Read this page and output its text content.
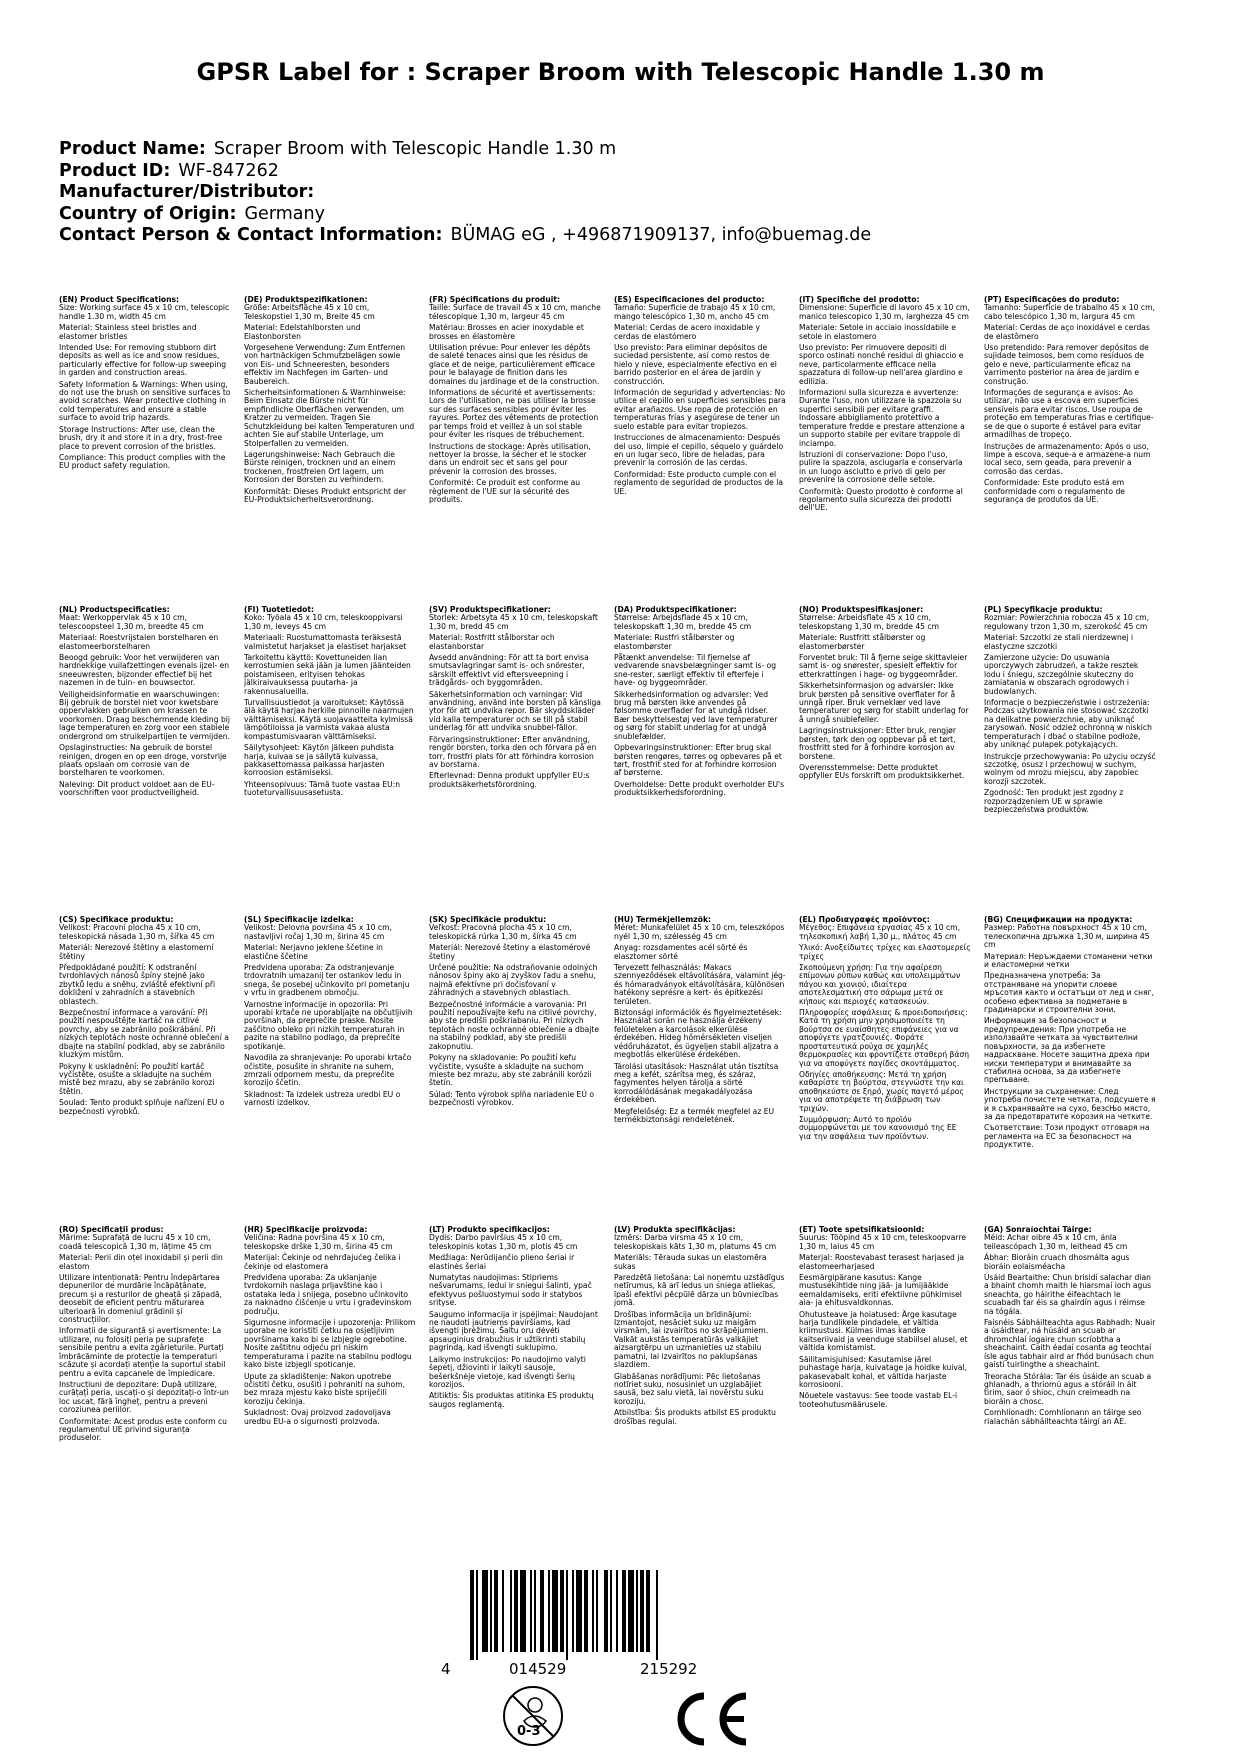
GPSR Label for : Scraper Broom with Telescopic Handle 1.30 m
Product Name: Scraper Broom with Telescopic Handle 1.30 m
Product ID: WF-847262
Manufacturer/Distributor:
Country of Origin: Germany
Contact Person & Contact Information: BÜMAG eG , +496871909137, info@buemag.de
(EN) Product Specifications:

Size: Working surface 45 x 10 cm, telescopic handle 1.30 m, width 45 cm

Material: Stainless steel bristles and elastomer bristles

Intended Use: For removing stubborn dirt deposits as well as ice and snow residues, particularly effective for follow-up sweeping in garden and construction areas.

Safety Information & Warnings: When using, do not use the brush on sensitive surfaces to avoid scratches. Wear protective clothing in cold temperatures and ensure a stable surface to avoid trip hazards.

Storage Instructions: After use, clean the brush, dry it and store it in a dry, frost-free place to prevent corrosion of the bristles.

Compliance: This product complies with the EU product safety regulation.

(DE) Produktspezifikationen:

Größe: Arbeitsfläche 45 x 10 cm, Teleskopstiel 1,30 m, Breite 45 cm

Material: Edelstahlborsten und Elastonborsten

Vorgesehene Verwendung: Zum Entfernen von hartnäckigen Schmutzbelägen sowie von Eis- und Schneeresten, besonders effektiv im Nachfegen im Garten- und Baubereich.

Sicherheitsinformationen & Warnhinweise: Beim Einsatz die Bürste nicht für empfindliche Oberflächen verwenden, um Kratzer zu vermeiden. Tragen Sie Schutzkleidung bei kalten Temperaturen und achten Sie auf stabile Unterlage, um Stolperfallen zu vermeiden.

Lagerungshinweise: Nach Gebrauch die Bürste reinigen, trocknen und an einem trockenen, frostfreien Ort lagern, um Korrosion der Borsten zu verhindern.

Konformität: Dieses Produkt entspricht der EU-Produktsicherheitsverordnung.

(FR) Spécifications du produit:

Taille: Surface de travail 45 x 10 cm, manche télescopique 1,30 m, largeur 45 cm

Matériau: Brosses en acier inoxydable et brosses en élastomère

Utilisation prévue: Pour enlever les dépôts de saleté tenaces ainsi que les résidus de glace et de neige, particulièrement efficace pour le balayage de finition dans les domaines du jardinage et de la construction.

Informations de sécurité et avertissements: Lors de l'utilisation, ne pas utiliser la brosse sur des surfaces sensibles pour éviter les rayures. Portez des vêtements de protection par temps froid et veillez à un sol stable pour éviter les risques de trébuchement.

Instructions de stockage: Après utilisation, nettoyer la brosse, la sécher et le stocker dans un endroit sec et sans gel pour prévenir la corrosion des brosses.

Conformité: Ce produit est conforme au règlement de l'UE sur la sécurité des produits.

(ES) Especificaciones del producto:

Tamaño: Superficie de trabajo 45 x 10 cm, mango telescópico 1,30 m, ancho 45 cm

Material: Cerdas de acero inoxidable y cerdas de elastómero

Uso previsto: Para eliminar depósitos de suciedad persistente, así como restos de hielo y nieve, especialmente efectivo en el barrido posterior en el área de jardín y construcción.

Información de seguridad y advertencias: No utilice el cepillo en superficies sensibles para evitar arañazos. Use ropa de protección en temperaturas frías y asegúrese de tener un suelo estable para evitar tropiezos.

Instrucciones de almacenamiento: Después del uso, limpie el cepillo, séquelo y guárdelo en un lugar seco, libre de heladas, para prevenir la corrosión de las cerdas.

Conformidad: Este producto cumple con el reglamento de seguridad de productos de la UE.

(IT) Specifiche del prodotto:

Dimensione: Superficie di lavoro 45 x 10 cm, manico telescopico 1,30 m, larghezza 45 cm

Materiale: Setole in acciaio inossidabile e setole in elastomero

Uso previsto: Per rimuovere depositi di sporco ostinati nonché residui di ghiaccio e neve, particolarmente efficace nella spazzatura di follow-up nell'area giardino e edilizia.

Informazioni sulla sicurezza e avvertenze: Durante l'uso, non utilizzare la spazzola su superfici sensibili per evitare graffi. Indossare abbigliamento protettivo a temperature fredde e prestare attenzione a un supporto stabile per evitare trappole di inciampo.

Istruzioni di conservazione: Dopo l'uso, pulire la spazzola, asciugarla e conservarla in un luogo asciutto e privo di gelo per prevenire la corrosione delle setole.

Conformità: Questo prodotto è conforme al regolamento sulla sicurezza dei prodotti dell'UE.

(PT) Especificações do produto:

Tamanho: Superfície de trabalho 45 x 10 cm, cabo telescópico 1,30 m, largura 45 cm

Material: Cerdas de aço inoxidável e cerdas de elastômero

Uso pretendido: Para remover depósitos de sujidade teimosos, bem como resíduos de gelo e neve, particularmente eficaz na varrimento posterior na área de jardim e construção.

Informações de segurança e avisos: Ao utilizar, não use a escova em superfícies sensíveis para evitar riscos. Use roupa de proteção em temperaturas frias e certifique-se de que o suporte é estável para evitar armadilhas de tropeço.

Instruções de armazenamento: Após o uso, limpe a escova, seque-a e armazene-a num local seco, sem geada, para prevenir a corrosão das cerdas.

Conformidade: Este produto está em conformidade com o regulamento de segurança de produtos da UE.

(NL) Productspecificaties:

Maat: Werkoppervlak 45 x 10 cm, telescoopsteel 1,30 m, breedte 45 cm

Materiaal: Roestvrijstalen borstelharen en elastomeerborstelharen

Beoogd gebruik: Voor het verwijderen van hardnekkige vuilafzettingen evenals ijzel- en sneeuwresten, bijzonder effectief bij het nazemen in de tuin- en bouwsector.

Veiligheidsinformatie en waarschuwingen: Bij gebruik de borstel niet voor kwetsbare oppervlakken gebruiken om krassen te voorkomen. Draag beschermende kleding bij lage temperaturen en zorg voor een stabiele ondergrond om struikelpartijen te vermijden.

Opslaginstructies: Na gebruik de borstel reinigen, drogen en op een droge, vorstvrije plaats opslaan om corrosie van de borstelharen te voorkomen.

Naleving: Dit product voldoet aan de EU-voorschriften voor productveiligheid.

(FI) Tuotetiedot:

Koko: Työala 45 x 10 cm, teleskooppivarsi 1,30 m, leveys 45 cm

Materiaali: Ruostumattomasta teräksestä valmistetut harjakset ja elastiset harjakset

Tarkoitettu käyttö: Kovettuneiden lian kerrostumien sekä jään ja lumen jäänteiden poistamiseen, erityisen tehokas jälkiraivauksessa puutarha- ja rakennusalueilla.

Turvallisuustiedot ja varoitukset: Käytössä älä käytä harjaa herkille pinnoille naarmujen välttämiseksi. Käytä suojavaatteita kylmissä lämpötiloissa ja varmista vakaa alusta kompastumisvaaran välttämiseksi.

Säilytysohjeet: Käytön jälkeen puhdista harja, kuivaa se ja säilytä kuivassa, pakkasettomassa paikassa harjasten korroosion estämiseksi.

Yhteensopivuus: Tämä tuote vastaa EU:n tuoteturvallisuusasetusta.

(SV) Produktspecifikationer:

Storlek: Arbetsyta 45 x 10 cm, teleskopskaft 1,30 m, bredd 45 cm

Material: Rostfritt stålborstar och elastanborstar

Avsedd användning: För att ta bort envisa smutsavlagringar samt is- och snörester, särskilt effektivt vid eftersveepning i trädgårds- och byggområden.

Säkerhetsinformation och varningar: Vid användning, använd inte borsten på känsliga ytor för att undvika repor. Bär skyddskläder vid kalla temperaturer och se till på stabil underlag för att undvika snubbel-fällor.

Förvaringsinstruktioner: Efter användning, rengör borsten, torka den och förvara på en torr, frostfri plats för att förhindra korrosion av borstarna.

Efterlevnad: Denna produkt uppfyller EU:s produktsäkerhetsförordning.

(DA) Produktspecifikationer:

Størrelse: Arbejdsflade 45 x 10 cm, teleskopskaft 1,30 m, bredde 45 cm

Materiale: Rustfri stålbørster og elastombørster

Påtænkt anvendelse: Til fjernelse af vedvarende snavsbelægninger samt is- og sne-rester, særligt effektiv til efterfeje i have- og byggeområder.

Sikkerhedsinformation og advarsler: Ved brug må børsten ikke anvendes på følsomme overflader for at undgå ridser. Bær beskyttelsestøj ved lave temperaturer og sørg for stabilt underlag for at undgå snublefælder.

Opbevaringsinstruktioner: Efter brug skal børsten rengøres, tørres og opbevares på et tørt, frostfrit sted for at forhindre korrosion af børsterne.

Overholdelse: Dette produkt overholder EU's produktsikkerhedsforordning.

(NO) Produktspesifikasjoner:

Størrelse: Arbeidsflate 45 x 10 cm, teleskopstang 1,30 m, bredde 45 cm

Materiale: Rustfritt stålbørster og elastomerbørster

Forventet bruk: Til å fjerne seige skittavleier samt is- og snørester, spesielt effektiv for etterkrattingen i hage- og byggeområder.

Sikkerhetsinformasjon og advarsler: Ikke bruk børsten på sensitive overflater for å unngå riper. Bruk verneklær ved lave temperaturer og sørg for stabilt underlag for å unngå snublefeller.

Lagringsinstruksjoner: Etter bruk, rengjør børsten, tørk den og oppbevar på et tørt, frostfritt sted for å forhindre korrosjon av borstene.

Overensstemmelse: Dette produktet oppfyller EUs forskrift om produktsikkerhet.

(PL) Specyfikacje produktu:

Rozmiar: Powierzchnia robocza 45 x 10 cm, regulowany trzon 1,30 m, szerokość 45 cm

Materiał: Szczotki ze stali nierdzewnej i elastyczne szczotki

Zamierzone użycie: Do usuwania uporczywych zabrudzeń, a także resztek lodu i śniegu, szczególnie skuteczny do zamiatania w obszarach ogrodowych i budowlanych.

Informacje o bezpieczeństwie i ostrzeżenia: Podczas użytkowania nie stosować szczotki na delikatne powierzchnie, aby uniknąć zarysowań. Nosić odzież ochronną w niskich temperaturach i dbać o stabilne podłoże, aby uniknąć pułapek potykających.

Instrukcje przechowywania: Po użyciu oczyść szczotkę, osusz i przechowuj w suchym, wolnym od mrozu miejscu, aby zapobiec korozji szczotek.

Zgodność: Ten produkt jest zgodny z rozporządzeniem UE w sprawie bezpieczeństwa produktów.

(CS) Specifikace produktu:

Velikost: Pracovní plocha 45 x 10 cm, teleskopická násada 1,30 m, šířka 45 cm

Materiál: Nerezové štětiny a elastomerní štětiny

Předpokládané použití: K odstranění tvrdohlavých nánosů špíny stejně jako zbytků ledu a sněhu, zvláště efektivní při dokližení v zahradních a stavebních oblastech.

Bezpečnostní informace a varování: Při použití nespouštějte kartáč na citlivé povrchy, aby se zabránilo poškrábání. Při nízkých teplotách noste ochranné oblečení a dbajte na stabilní podklad, aby se zabránilo kluzkým místům.

Pokyny k uskladnění: Po použití kartáč vyčistěte, osušte a skladujte na suchém místě bez mrazu, aby se zabránilo korozi štětin.

Soulad: Tento produkt splňuje nařízení EU o bezpečnosti výrobků.

(SL) Specifikacije izdelka:

Velikost: Delovna površina 45 x 10 cm, nastavljivi ročaj 1,30 m, širina 45 cm

Material: Nerjavno jeklene ščetine in elastične ščetine

Predvidena uporaba: Za odstranjevanje trdovratnih umazanij ter ostankov ledu in snega, še posebej učinkovito pri pometanju v vrtu in gradbenem območju.

Varnostne informacije in opozorila: Pri uporabi krtače ne uporabljajte na občutljivih površinah, da preprečite praske. Nosite zaščitno obleko pri nizkih temperaturah in pazite na stabilno podlago, da preprečite spotikanje.

Navodila za shranjevanje: Po uporabi krtačo očistite, posušite in shranite na suhem, zmrzali odpornem mestu, da preprečite korozijo ščetin.

Skladnost: Ta izdelek ustreza uredbi EU o varnosti izdelkov.

(SK) Špecifikácie produktu:

Veľkosť: Pracovná plocha 45 x 10 cm, teleskopická rúrka 1,30 m, šírka 45 cm

Materiál: Nerezové štetiny a elastomérové štetiny

Určené použitie: Na odstraňovanie odolných nánosov špiny ako aj zvyškov ľadu a snehu, najmä efektívne pri dočisťovaní v záhradných a stavebných oblastiach.

Bezpečnostné informácie a varovania: Pri použití nepoužívajte kefu na citlivé povrchy, aby ste predišli poškriabaniu. Pri nízkych teplotách noste ochranné oblečenie a dbajte na stabilný podklad, aby ste predišli zakopnutiu.

Pokyny na skladovanie: Po použití kefu vyčistite, vysušte a skladujte na suchom mieste bez mrazu, aby ste zabránili korózii štetín.

Súlad: Tento výrobok spĺňa nariadenie EÚ o bezpečnosti výrobkov.

(HU) Termékjellemzők:

Méret: Munkafelület 45 x 10 cm, teleszkópos nyél 1,30 m, szélesség 45 cm

Anyag: rozsdamentes acél sörté és elasztomer sörté

Tervezett felhasználás: Makacs szennyeződések eltávolítására, valamint jég- és hómaradványok eltávolítására, különösen hatékony seprésre a kert- és építkezési területen.

Biztonsági információk és figyelmeztetések: Használat során ne használja érzékeny felületeken a karcolások elkerülése érdekében. Hideg hőmérsékleten viseljen védőruházatot, és ügyeljen stabil aljzatra a megbotlás elkerülése érdekében.

Tárolási utasítások: Használat után tisztítsa meg a kefét, szárítsa meg, és száraz, fagymentes helyen tárolja a sörté korrodálódásának megakadályozása érdekében.

Megfelelőség: Ez a termék megfelel az EU termékbiztonsági rendeletének.

(EL) Προδιαγραφές προϊόντος:

Μέγεθος: Επιφάνεια εργασίας 45 x 10 cm, τηλεσκοπική λαβή 1,30 μ., πλάτος 45 cm

Υλικό: Ανοξείδωτες τρίχες και ελαστομερείς τρίχες

Σκοπούμενη χρήση: Για την αφαίρεση επίμονων ρύπων καθώς και υπολειμμάτων πάγου και χιονιού, ιδιαίτερα αποτελεσματική στο σάρωμα μετά σε κήπους και περιοχές κατασκευών.

Πληροφορίες ασφάλειας & προειδοποιήσεις: Κατά τη χρήση μην χρησιμοποιείτε τη βούρτσα σε ευαίσθητες επιφάνειες για να αποφύγετε γρατζουνιές. Φοράτε προστατευτικά ρούχα σε χαμηλές θερμοκρασίες και φροντίζετε σταθερή βάση για να αποφύγετε παγίδες σκοντάμματος.

Οδηγίες αποθήκευσης: Μετά τη χρήση καθαρίστε τη βούρτσα, στεγνώστε την και αποθηκεύστε σε ξηρό, χωρίς παγετό μέρος για να αποτρέψετε τη διάβρωση των τριχών.

Συμμόρφωση: Αυτό το προϊόν συμμορφώνεται με τον κανονισμό της ΕΕ για την ασφάλεια των προϊόντων.

(BG) Спецификации на продукта:

Размер: Работна повърхност 45 x 10 cm, телескопична дръжка 1,30 м, ширина 45 cm

Материал: Неръждаеми стоманени четки и еластомерни четки

Предназначена употреба: За отстраняване на упорити слоеве мръсотия както и остатъци от лед и сняг, особено ефективна за подметане в градинарски и строителни зони.

Информация за безопасност и предупреждения: При употреба не използвайте четката за чувствителни повърхности, за да избегнете надраскване. Носете защитна дреха при ниски температури и внимавайте за стабилна основа, за да избегнете препъване.

Инструкции за съхранение: След употреба почистете четката, подсушете я и я съхранявайте на сухо, безсЊо място, за да предотвратите корозия на четките.

Съответствие: Този продукт отговаря на регламента на ЕС за безопасност на продуктите.

(RO) Specificații produs:

Mărime: Suprafață de lucru 45 x 10 cm, coadă telescopică 1,30 m, lățime 45 cm

Material: Perii din oțel inoxidabil și perii din elastom

Utilizare intenționată: Pentru îndepărtarea depunerilor de murdărie încăpățânate, precum și a resturilor de gheață și zăpadă, deosebit de eficient pentru măturarea ulterioară în domeniul grădinii și construcțiilor.

Informații de siguranță și avertismente: La utilizare, nu folosiți peria pe suprafețe sensibile pentru a evita zgârieturile. Purtați îmbrăcăminte de protecție la temperaturi scăzute și acordați atenție la suportul stabil pentru a evita capcanele de împiedicare.

Instrucțiuni de depozitare: După utilizare, curățați peria, uscați-o și depozitați-o într-un loc uscat, fără îngheț, pentru a preveni coroziunea periilor.

Conformitate: Acest produs este conform cu regulamentul UE privind siguranța produselor.

(HR) Specifikacije proizvoda:

Veličina: Radna površina 45 x 10 cm, teleskopske drške 1,30 m, širina 45 cm

Materijal: Čekinje od nehrđajućeg čelika i čekinje od elastomera

Predviđena uporaba: Za uklanjanje tvrdokornih naslaga prljavštine kao i ostataka leda i snijega, posebno učinkovito za naknadno čišćenje u vrtu i građevinskom području.

Sigurnosne informacije i upozorenja: Prilikom uporabe ne koristiti četku na osjetljivim površinama kako bi se izbjegle ogrebotine. Nosite zaštitnu odjeću pri niskim temperaturama i pazite na stabilnu podlogu kako biste izbjegli spoticanje.

Upute za skladištenje: Nakon upotrebe očistiti četku, osušiti i pohraniti na suhom, bez mraza mjestu kako biste spriječili koroziju čekinja.

Sukladnost: Ovaj proizvod zadovoljava uredbu EU-a o sigurnosti proizvoda.

(LT) Produkto specifikacijos:

Dydis: Darbo paviršius 45 x 10 cm, teleskopinis kotas 1,30 m, plotis 45 cm

Medžiaga: Nerūdijančio plieno šeriai ir elastinės šeriai

Numatytas naudojimas: Stipriems nešvarumams, ledui ir sniegui šalinti, ypač efektyvus pošluostymui sodo ir statybos srityse.

Saugumo informacija ir įspėjimai: Naudojant ne naudoti jautriems paviršiams, kad išvengti įbrėžimų. Šaltu oru dėvėti apsauginius drabužius ir užtikrinti stabilų pagrindą, kad išvengti suklupimo.

Laikymo instrukcijos: Po naudojimo valyti šepetį, džiovinti ir laikyti sausoje, bešerkšnėje vietoje, kad išvengti šerių korozijos.

Atitiktis: Šis produktas atitinka ES produktų saugos reglamentą.

(LV) Produkta specifikācijas:

Izmērs: Darba virsma 45 x 10 cm, teleskopiskais kāts 1,30 m, platums 45 cm

Materiāls: Tērauda sukas un elastomēra sukas

Paredzētā lietošana: Lai noņemtu uzstādīgus netīrumus, kā arī ledus un sniega atliekas, īpaši efektīvi pēcpūlē dārza un būvniecības jomā.

Drošības informācija un brīdinājumi: Izmantojot, nesāciet suku uz maigām virsmām, lai izvairītos no skrāpējumiem. Valkāt aukstās temperatūrās valkājiet aizsargtērpu un uzmanieties uz stabilu pamatni, lai izvairītos no paklupšanas slazdiem.

Glabāšanas norādījumi: Pēc lietošanas notīriet suku, nosusiniet un uzglabājiet sausā, bez salu vietā, lai novērstu suku koroziju.

Atbilstība: Šis produkts atbilst ES produktu drošības regulai.

(ET) Toote spetsifikatsioonid:

Suurus: Tööpind 45 x 10 cm, teleskoopvarre 1,30 m, laius 45 cm

Materjal: Roostevabast terasest harjased ja elastomeerharjased

Eesmärgipärane kasutus: Kange mustusekihtide ning jää- ja lumijääkide eemaldamiseks, eriti efektiivne pühkimisel aia- ja ehitusvaldkonnas.

Ohutusteave ja hoiatused: Ärge kasutage harja tundlikele pindadele, et vältida kriimustusi. Külmas ilmas kandke kaitseriivaid ja veenduge stabiilsel alusel, et vältida komistamist.

Säilitamisjuhised: Kasutamise järel puhastage harja, kuivatage ja hoidke kuival, pakasevabalt kohal, et vältida harjaste korrosiooni.

Nõuetele vastavus: See toode vastab EL-i tooteohutusmäärusele.

(GA) Sonraíochtaí Táirge:

Méid: Achar oibre 45 x 10 cm, ánla teileascópach 1,30 m, leithead 45 cm

Ábhar: Bioráin cruach dhosmálta agus bioráin eolaisméacha

Úsáid Beartaithe: Chun brisidí salachar dian a bhaint chomh maith le hiarsmaí ioch agus sneachta, go háirithe éifeachtach le scuabadh tar éis sa ghairdín agus i réimse na tógála.

Faisnéis Sábháilteachta agus Rabhadh: Nuair a úsáidtear, ná húsáid an scuab ar dhromchlaí íogaire chun scríobtha a sheachaint. Caith éadaí cosanta ag teochtaí ísle agus tabhair aird ar fhód bunúsach chun gaistí tuirlingthe a sheachaint.

Treoracha Stórála: Tar éis úsáide an scuab a ghlanadh, a thriomú agus a stóráil in áit tirim, saor ó shioc, chun creimeadh na bioráin a chosc.

Comhlíonadh: Comhlíonann an táirge seo rialachán sábháilteachta táirgí an AE.

4	014529	215292
0-3
